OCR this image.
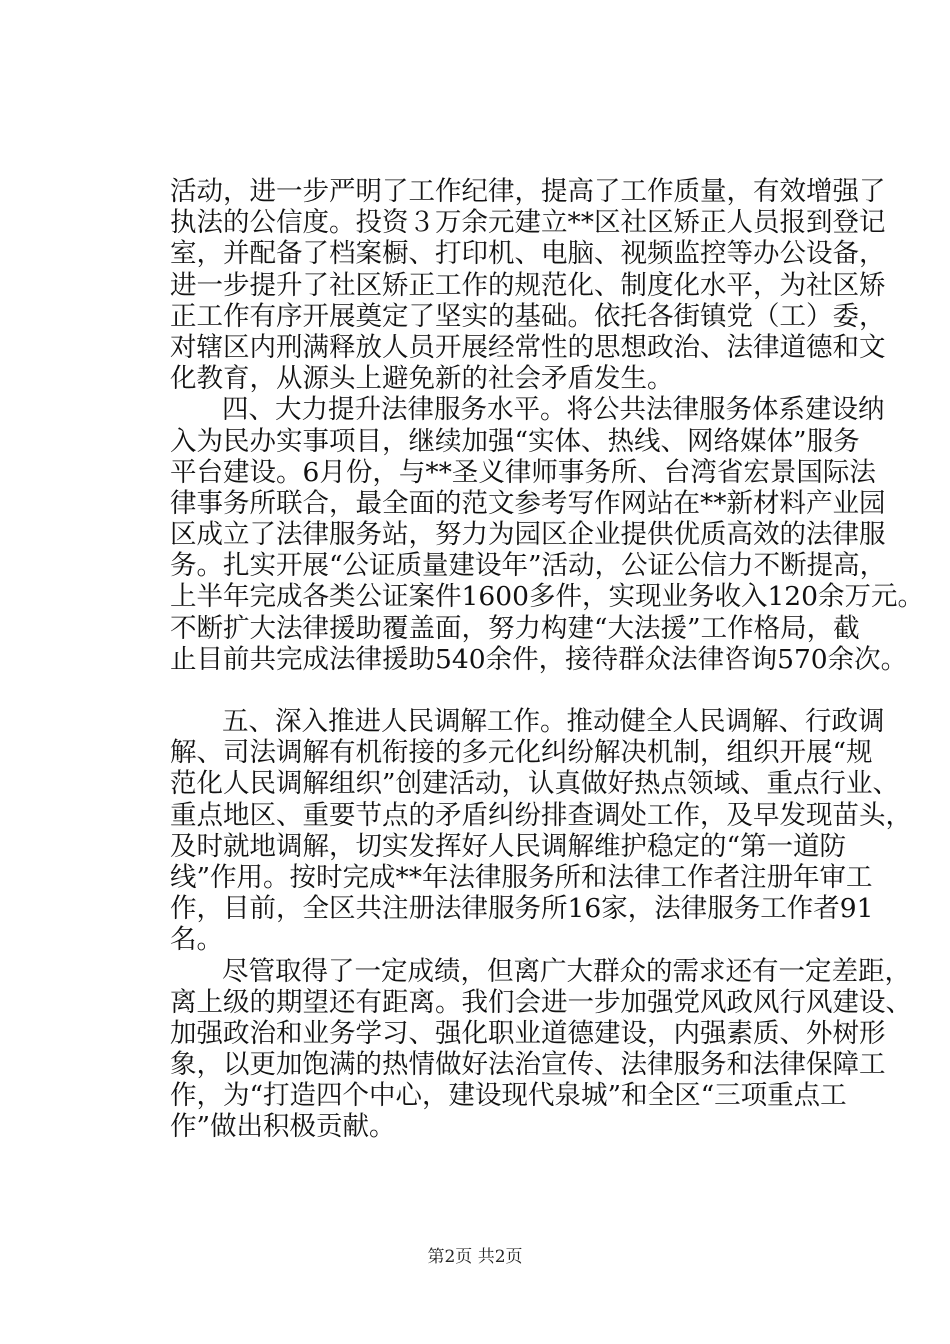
活动，进一步严明了工作纪律，提高了工作质量，有效增强了
执法的公信度。投资３万余元建立**区社区矫正人员报到登记
室，并配备了档案橱、打印机、电脑、视频监控等办公设备，
进一步提升了社区矫正工作的规范化、制度化水平，为社区矫
正工作有序开展奠定了坚实的基础。依托各街镇党（工）委，
对辖区内刑满释放人员开展经常性的思想政治、法律道德和文
化教育，从源头上避免新的社会矛盾发生。
四、大力提升法律服务水平。将公共法律服务体系建设纳
入为民办实事项目，继续加强“实体、热线、网络媒体”服务
平台建设。6月份，与**圣义律师事务所、台湾省宏景国际法
律事务所联合，最全面的范文参考写作网站在**新材料产业园
区成立了法律服务站，努力为园区企业提供优质高效的法律服
务。扎实开展“公证质量建设年”活动，公证公信力不断提高，
上半年完成各类公证案件1600多件，实现业务收入120余万元。
不断扩大法律援助覆盖面，努力构建“大法援”工作格局，截
止目前共完成法律援助540余件，接待群众法律咨询570余次。
五、深入推进人民调解工作。推动健全人民调解、行政调
解、司法调解有机衔接的多元化纠纷解决机制，组织开展“规
范化人民调解组织”创建活动，认真做好热点领域、重点行业、
重点地区、重要节点的矛盾纠纷排查调处工作，及早发现苗头，
及时就地调解，切实发挥好人民调解维护稳定的“第一道防
线”作用。按时完成**年法律服务所和法律工作者注册年审工
作，目前，全区共注册法律服务所16家，法律服务工作者91
名。
尽管取得了一定成绩，但离广大群众的需求还有一定差距，
离上级的期望还有距离。我们会进一步加强党风政风行风建设、
加强政治和业务学习、强化职业道德建设，内强素质、外树形
象，以更加饱满的热情做好法治宣传、法律服务和法律保障工
作，为“打造四个中心，建设现代泉城”和全区“三项重点工
作”做出积极贡献。
第2页 共2页
